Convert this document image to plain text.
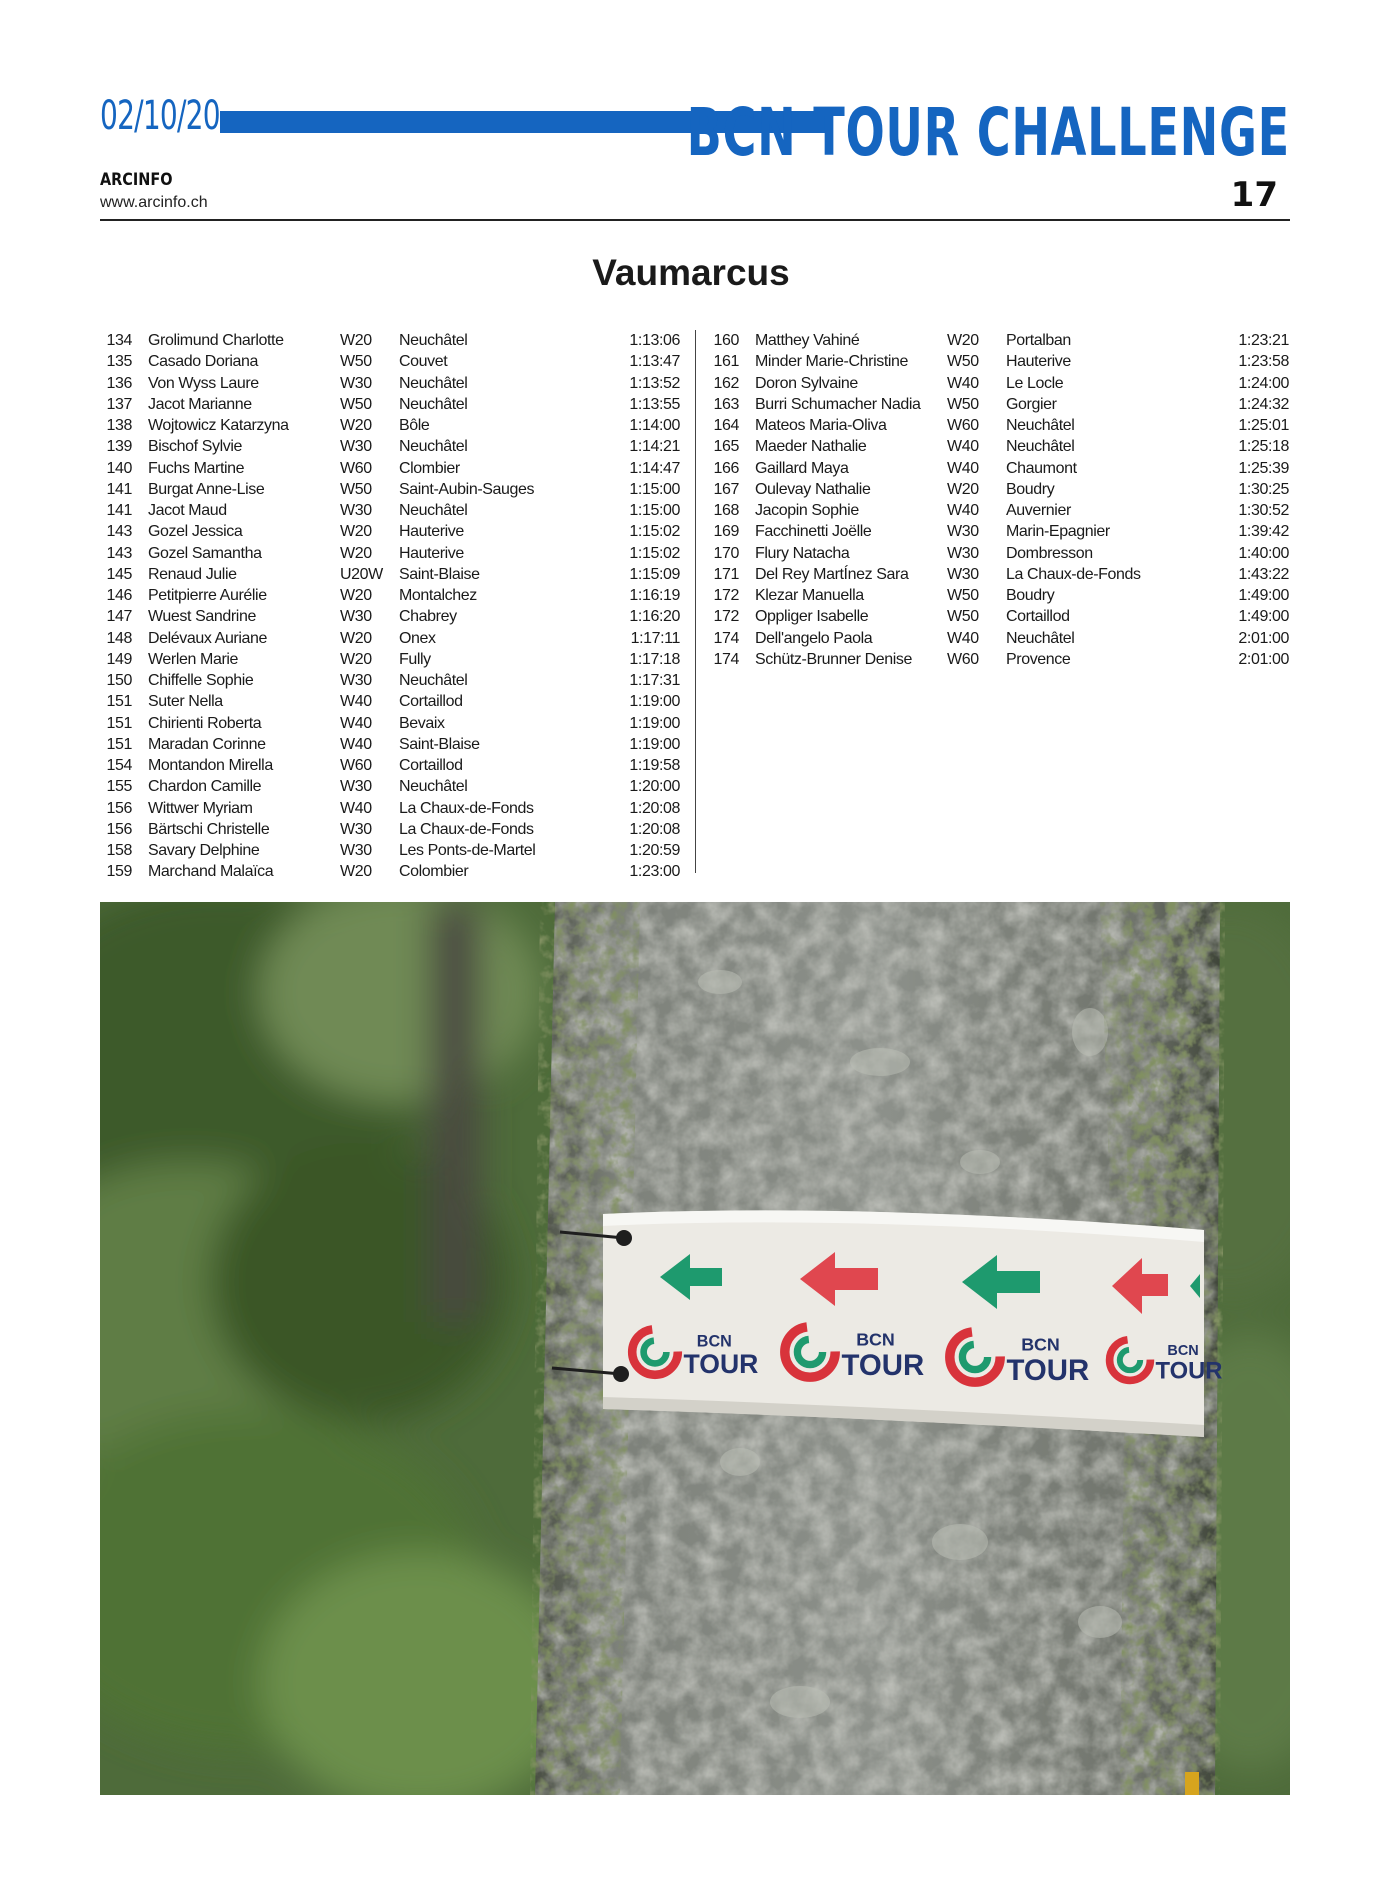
02/10/20	BCN TOUR CHALLENGE
ARCINFO
www.arcinfo.ch	17
Vaumarcus
134 Grolimund Charlotte	W20 Neuchâtel	1:13:06
135 Casado Doriana	W50 Couvet	1:13:47
136 Von Wyss Laure	W30 Neuchâtel	1:13:52
137 Jacot Marianne	W50 Neuchâtel	1:13:55
138 Wojtowicz Katarzyna	W20 Bôle	1:14:00
139 Bischof Sylvie	W30 Neuchâtel	1:14:21
140 Fuchs Martine	W60 Clombier	1:14:47
141 Burgat Anne-Lise	W50 Saint-Aubin-Sauges	1:15:00
141 Jacot Maud	W30 Neuchâtel	1:15:00
143 Gozel Jessica	W20 Hauterive	1:15:02
143 Gozel Samantha	W20 Hauterive	1:15:02
145 Renaud Julie	U20W Saint-Blaise	1:15:09
146 Petitpierre Aurélie	W20 Montalchez	1:16:19
147 Wuest Sandrine	W30 Chabrey	1:16:20
148 Delévaux Auriane	W20 Onex	1:17:11
149 Werlen Marie	W20 Fully	1:17:18
150 Chiffelle Sophie	W30 Neuchâtel	1:17:31
151 Suter Nella	W40 Cortaillod	1:19:00
151 Chirienti Roberta	W40 Bevaix	1:19:00
151 Maradan Corinne	W40 Saint-Blaise	1:19:00
154 Montandon Mirella	W60 Cortaillod	1:19:58
155 Chardon Camille	W30 Neuchâtel	1:20:00
156 Wittwer Myriam	W40 La Chaux-de-Fonds	1:20:08
156 Bärtschi Christelle	W30 La Chaux-de-Fonds	1:20:08
158 Savary Delphine	W30 Les Ponts-de-Martel	1:20:59
159 Marchand Malaïca	W20 Colombier	1:23:00
160 Matthey Vahiné	W20 Portalban	1:23:21
161 Minder Marie-Christine W50 Hauterive	1:23:58
162 Doron Sylvaine	W40 Le Locle	1:24:00
163 Burri Schumacher Nadia W50 Gorgier	1:24:32
164 Mateos Maria-Oliva	W60 Neuchâtel	1:25:01
165 Maeder Nathalie	W40 Neuchâtel	1:25:18
166 Gaillard Maya	W40 Chaumont	1:25:39
167 Oulevay Nathalie	W20 Boudry	1:30:25
168 Jacopin Sophie	W40 Auvernier	1:30:52
169 Facchinetti Joëlle	W30 Marin-Epagnier	1:39:42
170 Flury Natacha	W30 Dombresson	1:40:00
171 Del Rey MartÍnez Sara W30 La Chaux-de-Fonds	1:43:22
172 Klezar Manuella	W50 Boudry	1:49:00
172 Oppliger Isabelle	W50 Cortaillod	1:49:00
174 Dell'angelo Paola	W40 Neuchâtel	2:01:00
174 Schütz-Brunner Denise W60 Provence	2:01:00
BCN
TOUR
BCN
TOUR
BCN
TOUR
BCN
TOUR
